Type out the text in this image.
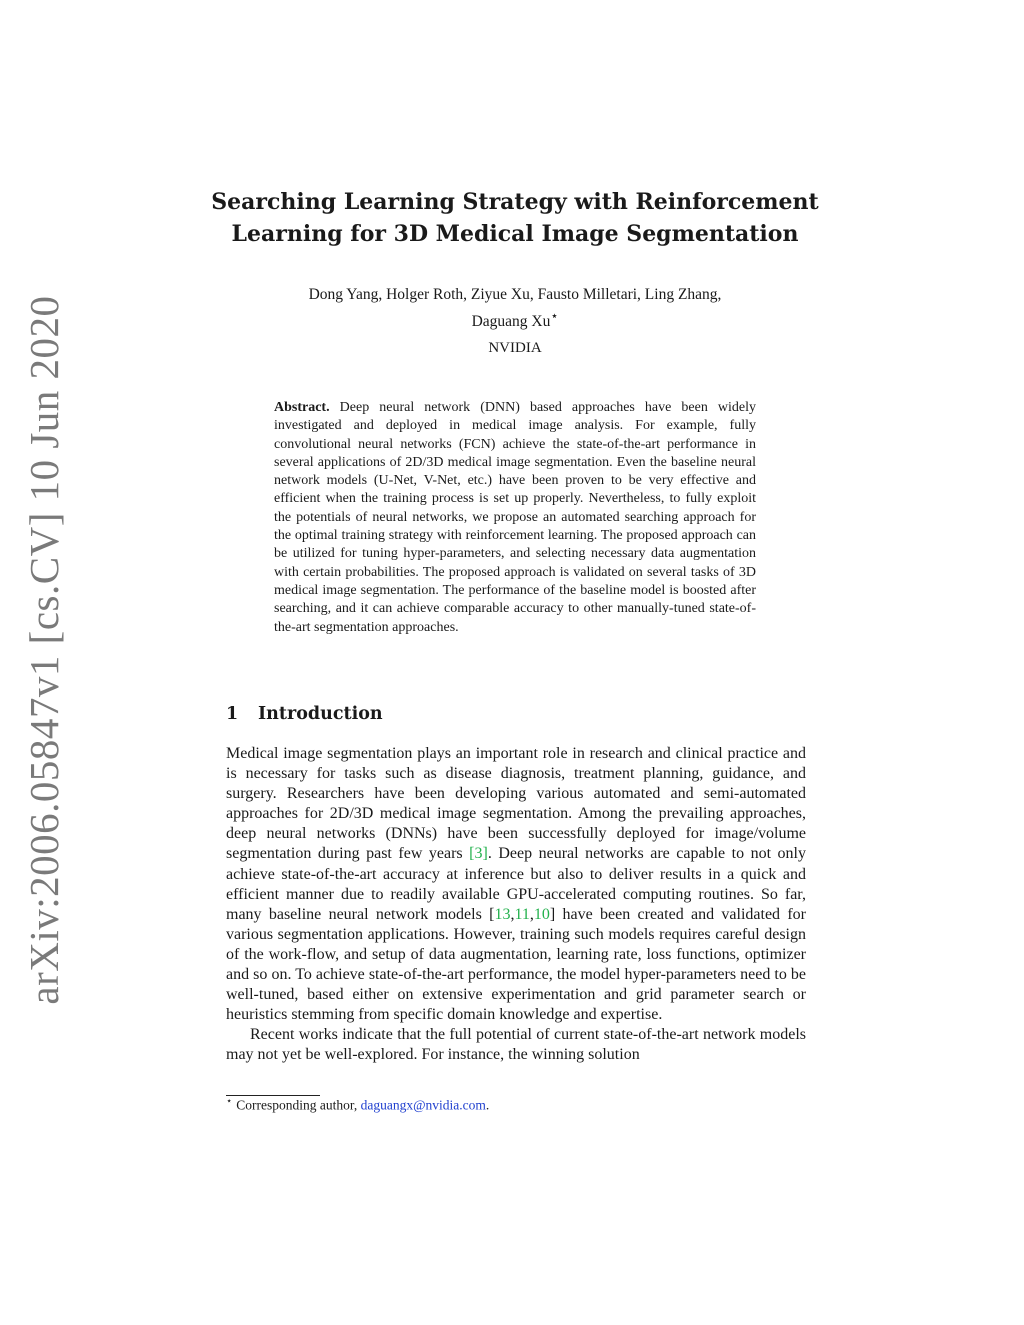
arXiv:2006.05847v1 [cs.CV] 10 Jun 2020
Searching Learning Strategy with Reinforcement
Learning for 3D Medical Image Segmentation
Dong Yang, Holger Roth, Ziyue Xu, Fausto Milletari, Ling Zhang,
Daguang Xu⋆
NVIDIA
Abstract. Deep neural network (DNN) based approaches have been widely investigated and deployed in medical image analysis. For example, fully convolutional neural networks (FCN) achieve the state-of-the-art performance in several applications of 2D/3D medical image segmentation. Even the baseline neural network models (U-Net, V-Net, etc.) have been proven to be very effective and efficient when the training process is set up properly. Nevertheless, to fully exploit the potentials of neural networks, we propose an automated searching approach for the optimal training strategy with reinforcement learning. The proposed approach can be utilized for tuning hyper-parameters, and selecting necessary data augmentation with certain probabilities. The proposed approach is validated on several tasks of 3D medical image segmentation. The performance of the baseline model is boosted after searching, and it can achieve comparable accuracy to other manually-tuned state-of-the-art segmentation approaches.
1 Introduction

Medical image segmentation plays an important role in research and clinical practice and is necessary for tasks such as disease diagnosis, treatment planning, guidance, and surgery. Researchers have been developing various automated and semi-automated approaches for 2D/3D medical image segmentation. Among the prevailing approaches, deep neural networks (DNNs) have been successfully deployed for image/volume segmentation during past few years [3]. Deep neural networks are capable to not only achieve state-of-the-art accuracy at inference but also to deliver results in a quick and efficient manner due to readily available GPU-accelerated computing routines. So far, many baseline neural network models [13,11,10] have been created and validated for various segmentation applications. However, training such models requires careful design of the work-flow, and setup of data augmentation, learning rate, loss functions, optimizer and so on. To achieve state-of-the-art performance, the model hyper-parameters need to be well-tuned, based either on extensive experimentation and grid parameter search or heuristics stemming from specific domain knowledge and expertise.

Recent works indicate that the full potential of current state-of-the-art network models may not yet be well-explored. For instance, the winning solution

⋆ Corresponding author, daguangx@nvidia.com.
